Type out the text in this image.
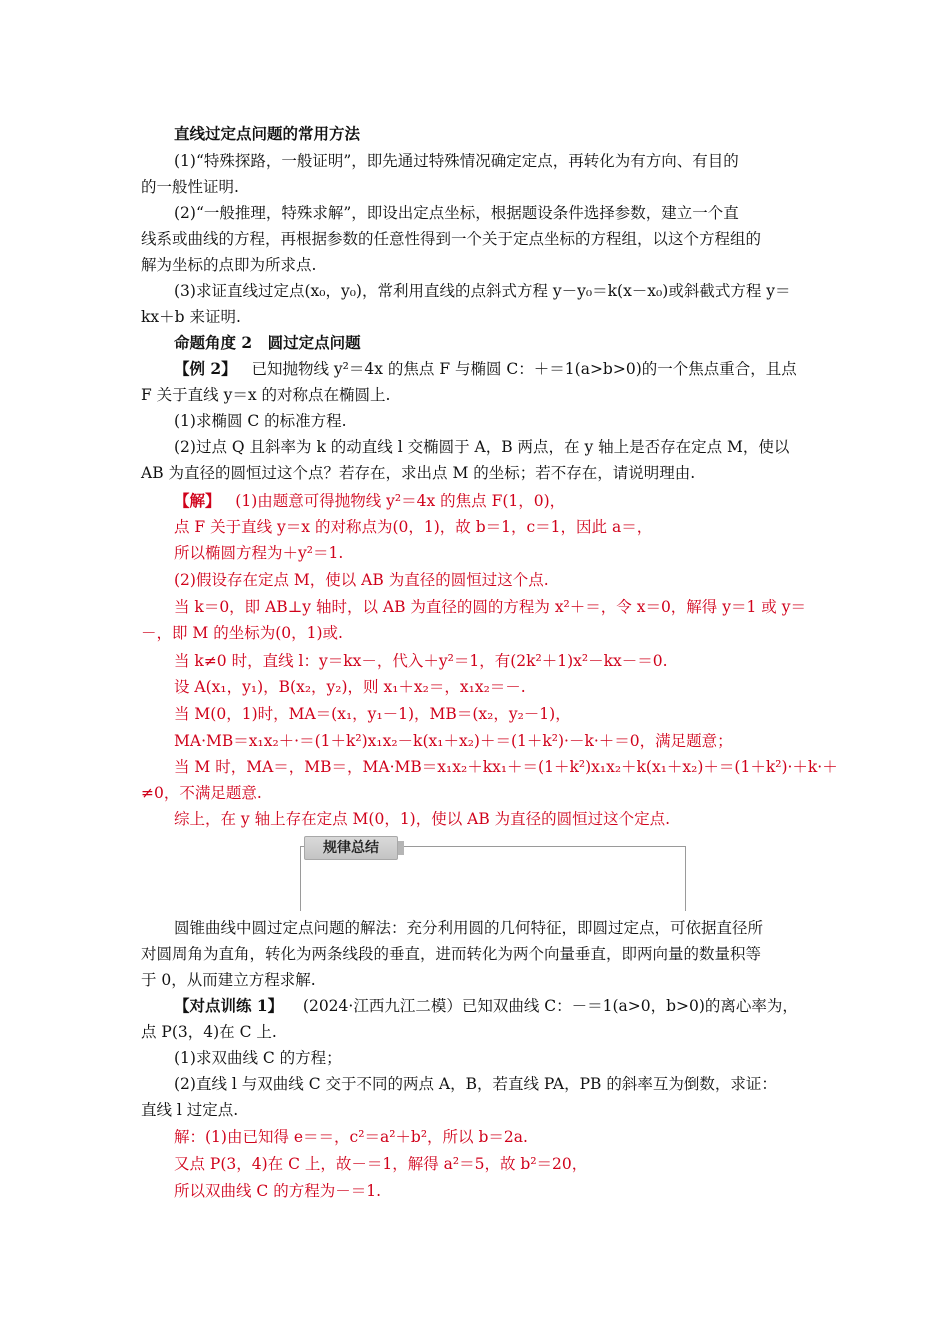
直线过定点问题的常用方法
(1)“特殊探路，一般证明”，即先通过特殊情况确定定点，再转化为有方向、有目的
的一般性证明.
(2)“一般推理，特殊求解”，即设出定点坐标，根据题设条件选择参数，建立一个直
线系或曲线的方程，再根据参数的任意性得到一个关于定点坐标的方程组，以这个方程组的
解为坐标的点即为所求点.
(3)求证直线过定点(x₀，y₀)，常利用直线的点斜式方程 y－y₀＝k(x－x₀)或斜截式方程 y＝
kx＋b 来证明.
命题角度 2　圆过定点问题
【例 2】 已知抛物线 y²＝4x 的焦点 F 与椭圆 C：＋＝1(a>b>0)的一个焦点重合，且点
F 关于直线 y＝x 的对称点在椭圆上.
(1)求椭圆 C 的标准方程.
(2)过点 Q 且斜率为 k 的动直线 l 交椭圆于 A，B 两点，在 y 轴上是否存在定点 M，使以
AB 为直径的圆恒过这个点？若存在，求出点 M 的坐标；若不存在，请说明理由.
【解】 (1)由题意可得抛物线 y²＝4x 的焦点 F(1，0)，
点 F 关于直线 y＝x 的对称点为(0，1)，故 b＝1，c＝1，因此 a＝，
所以椭圆方程为＋y²＝1.
(2)假设存在定点 M，使以 AB 为直径的圆恒过这个点.
当 k＝0，即 AB⊥y 轴时，以 AB 为直径的圆的方程为 x²＋＝，令 x＝0，解得 y＝1 或 y＝
－，即 M 的坐标为(0，1)或.
当 k≠0 时，直线 l：y＝kx－，代入＋y²＝1，有(2k²＋1)x²－kx－＝0.
设 A(x₁，y₁)，B(x₂，y₂)，则 x₁＋x₂＝，x₁x₂＝－.
当 M(0，1)时，MA＝(x₁，y₁－1)，MB＝(x₂，y₂－1)，
MA·MB＝x₁x₂＋·＝(1＋k²)x₁x₂－k(x₁＋x₂)＋＝(1＋k²)·－k·＋＝0，满足题意；
当 M 时，MA＝，MB＝，MA·MB＝x₁x₂＋kx₁＋＝(1＋k²)x₁x₂＋k(x₁＋x₂)＋＝(1＋k²)·＋k·＋
≠0，不满足题意.
综上，在 y 轴上存在定点 M(0，1)，使以 AB 为直径的圆恒过这个定点.
规律总结
圆锥曲线中圆过定点问题的解法：充分利用圆的几何特征，即圆过定点，可依据直径所
对圆周角为直角，转化为两条线段的垂直，进而转化为两个向量垂直，即两向量的数量积等
于 0，从而建立方程求解.
【对点训练 1】 (2024·江西九江二模）已知双曲线 C：－＝1(a>0，b>0)的离心率为，
点 P(3，4)在 C 上.
(1)求双曲线 C 的方程；
(2)直线 l 与双曲线 C 交于不同的两点 A，B，若直线 PA，PB 的斜率互为倒数，求证：
直线 l 过定点.
解：(1)由已知得 e＝＝，c²＝a²＋b²，所以 b＝2a.
又点 P(3，4)在 C 上，故－＝1，解得 a²＝5，故 b²＝20，
所以双曲线 C 的方程为－＝1.
